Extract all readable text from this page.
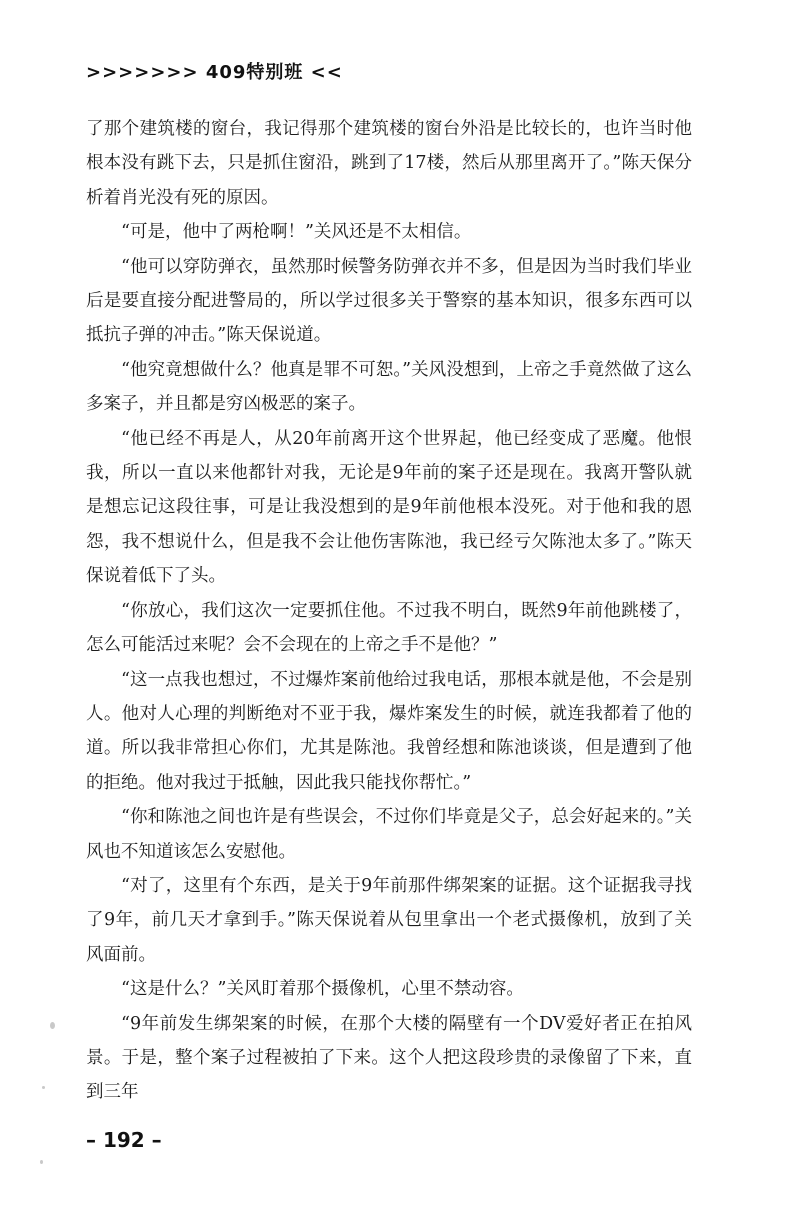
>>>>>>> 409特别班 <<

了那个建筑楼的窗台，我记得那个建筑楼的窗台外沿是比较长的，也许当时他根本没有跳下去，只是抓住窗沿，跳到了17楼，然后从那里离开了。”陈天保分析着肖光没有死的原因。

“可是，他中了两枪啊！”关风还是不太相信。

“他可以穿防弹衣，虽然那时候警务防弹衣并不多，但是因为当时我们毕业后是要直接分配进警局的，所以学过很多关于警察的基本知识，很多东西可以抵抗子弹的冲击。”陈天保说道。

“他究竟想做什么？他真是罪不可恕。”关风没想到，上帝之手竟然做了这么多案子，并且都是穷凶极恶的案子。

“他已经不再是人，从20年前离开这个世界起，他已经变成了恶魔。他恨我，所以一直以来他都针对我，无论是9年前的案子还是现在。我离开警队就是想忘记这段往事，可是让我没想到的是9年前他根本没死。对于他和我的恩怨，我不想说什么，但是我不会让他伤害陈池，我已经亏欠陈池太多了。”陈天保说着低下了头。

“你放心，我们这次一定要抓住他。不过我不明白，既然9年前他跳楼了，怎么可能活过来呢？会不会现在的上帝之手不是他？”

“这一点我也想过，不过爆炸案前他给过我电话，那根本就是他，不会是别人。他对人心理的判断绝对不亚于我，爆炸案发生的时候，就连我都着了他的道。所以我非常担心你们，尤其是陈池。我曾经想和陈池谈谈，但是遭到了他的拒绝。他对我过于抵触，因此我只能找你帮忙。”

“你和陈池之间也许是有些误会，不过你们毕竟是父子，总会好起来的。”关风也不知道该怎么安慰他。

“对了，这里有个东西，是关于9年前那件绑架案的证据。这个证据我寻找了9年，前几天才拿到手。”陈天保说着从包里拿出一个老式摄像机，放到了关风面前。

“这是什么？”关风盯着那个摄像机，心里不禁动容。

“9年前发生绑架案的时候，在那个大楼的隔壁有一个DV爱好者正在拍风景。于是，整个案子过程被拍了下来。这个人把这段珍贵的录像留了下来，直到三年

– 192 –
